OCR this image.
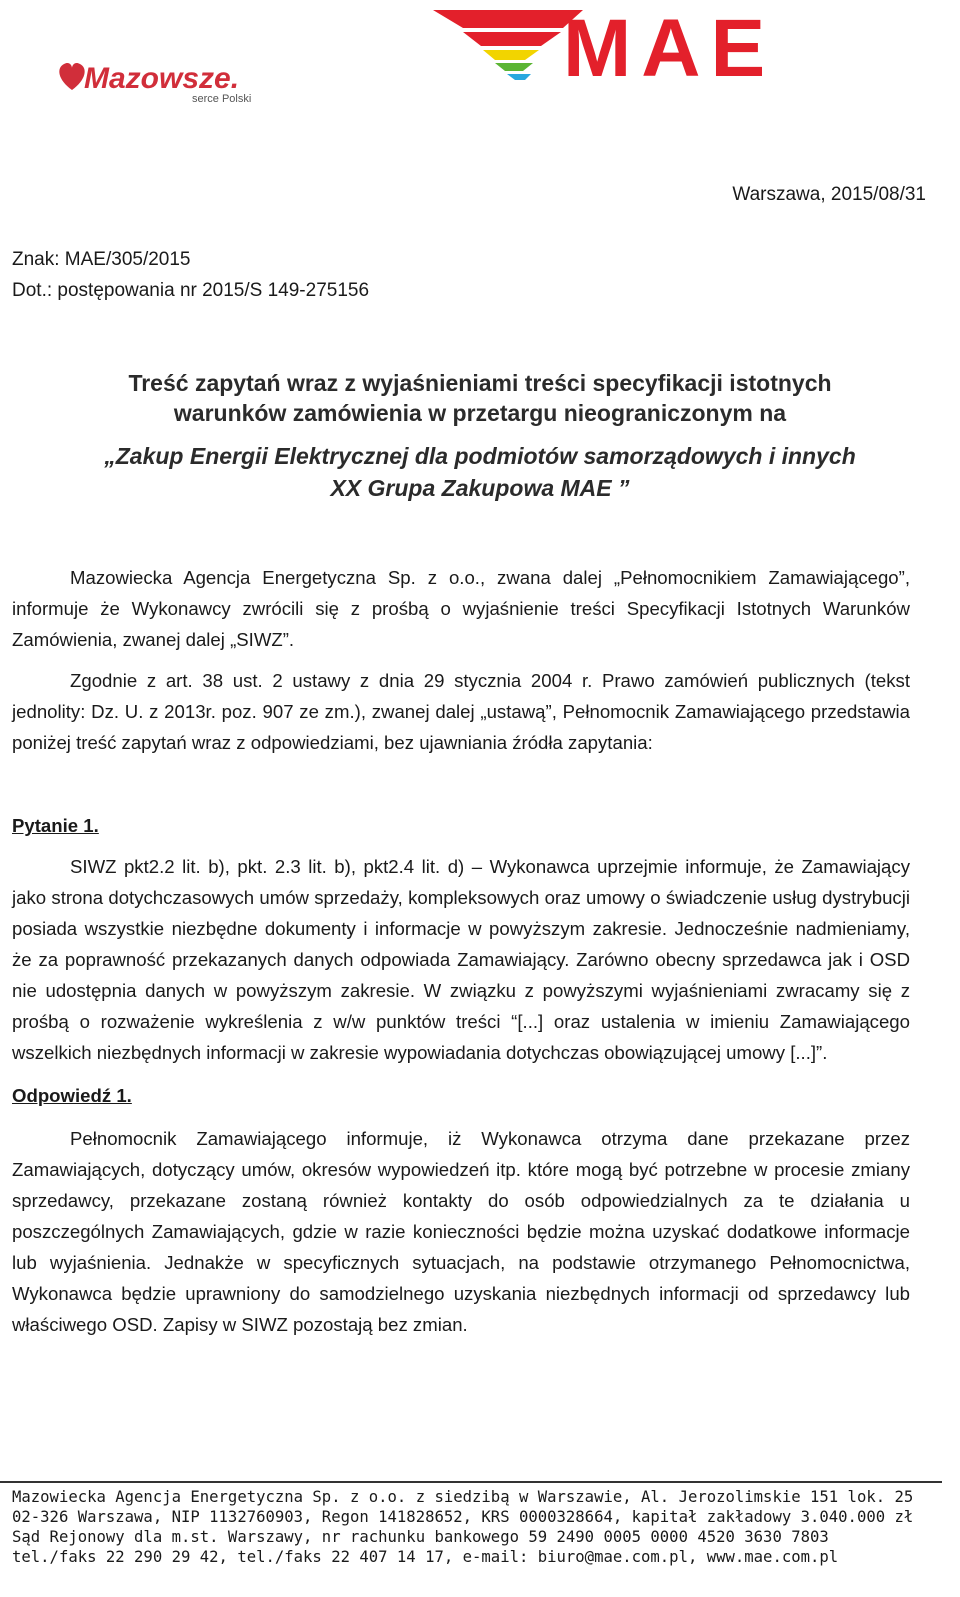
Mazowsze.
serce Polski
MAE
Warszawa, 2015/08/31
Znak: MAE/305/2015
Dot.: postępowania nr 2015/S 149-275156
Treść zapytań wraz z wyjaśnieniami treści specyfikacji istotnych
warunków zamówienia w przetargu nieograniczonym na
„Zakup Energii Elektrycznej dla podmiotów samorządowych i innych
XX Grupa Zakupowa MAE ”

Mazowiecka Agencja Energetyczna Sp. z o.o., zwana dalej „Pełnomocnikiem Zamawiającego”, informuje że Wykonawcy zwrócili się z prośbą o wyjaśnienie treści Specyfikacji Istotnych Warunków Zamówienia, zwanej dalej „SIWZ”.

Zgodnie z art. 38 ust. 2 ustawy z dnia 29 stycznia 2004 r. Prawo zamówień publicznych (tekst jednolity: Dz. U. z 2013r. poz. 907 ze zm.), zwanej dalej „ustawą”, Pełnomocnik Zamawiającego przedstawia poniżej treść zapytań wraz z odpowiedziami, bez ujawniania źródła zapytania:

Pytanie 1.

SIWZ pkt2.2 lit. b), pkt. 2.3 lit. b), pkt2.4 lit. d) – Wykonawca uprzejmie informuje, że Zamawiający jako strona dotychczasowych umów sprzedaży, kompleksowych oraz umowy o świadczenie usług dystrybucji posiada wszystkie niezbędne dokumenty i informacje w powyższym zakresie. Jednocześnie nadmieniamy, że za poprawność przekazanych danych odpowiada Zamawiający. Zarówno obecny sprzedawca jak i OSD nie udostępnia danych w powyższym zakresie. W związku z powyższymi wyjaśnieniami zwracamy się z prośbą o rozważenie wykreślenia z w/w punktów treści “[...] oraz ustalenia w imieniu Zamawiającego wszelkich niezbędnych informacji w zakresie wypowiadania dotychczas obowiązującej umowy [...]”.

Odpowiedź 1.

Pełnomocnik Zamawiającego informuje, iż Wykonawca otrzyma dane przekazane przez Zamawiających, dotyczący umów, okresów wypowiedzeń itp. które mogą być potrzebne w procesie zmiany sprzedawcy, przekazane zostaną również kontakty do osób odpowiedzialnych za te działania u poszczególnych Zamawiających, gdzie w razie konieczności będzie można uzyskać dodatkowe informacje lub wyjaśnienia. Jednakże w specyficznych sytuacjach, na podstawie otrzymanego Pełnomocnictwa, Wykonawca będzie uprawniony do samodzielnego uzyskania niezbędnych informacji od sprzedawcy lub właściwego OSD. Zapisy w SIWZ pozostają bez zmian.

Mazowiecka Agencja Energetyczna Sp. z o.o. z siedzibą w Warszawie, Al. Jerozolimskie 151 lok. 25
02-326 Warszawa, NIP 1132760903, Regon 141828652, KRS 0000328664, kapitał zakładowy 3.040.000 zł
Sąd Rejonowy dla m.st. Warszawy, nr rachunku bankowego 59 2490 0005 0000 4520 3630 7803
tel./faks 22 290 29 42, tel./faks 22 407 14 17, e-mail: biuro@mae.com.pl, www.mae.com.pl
